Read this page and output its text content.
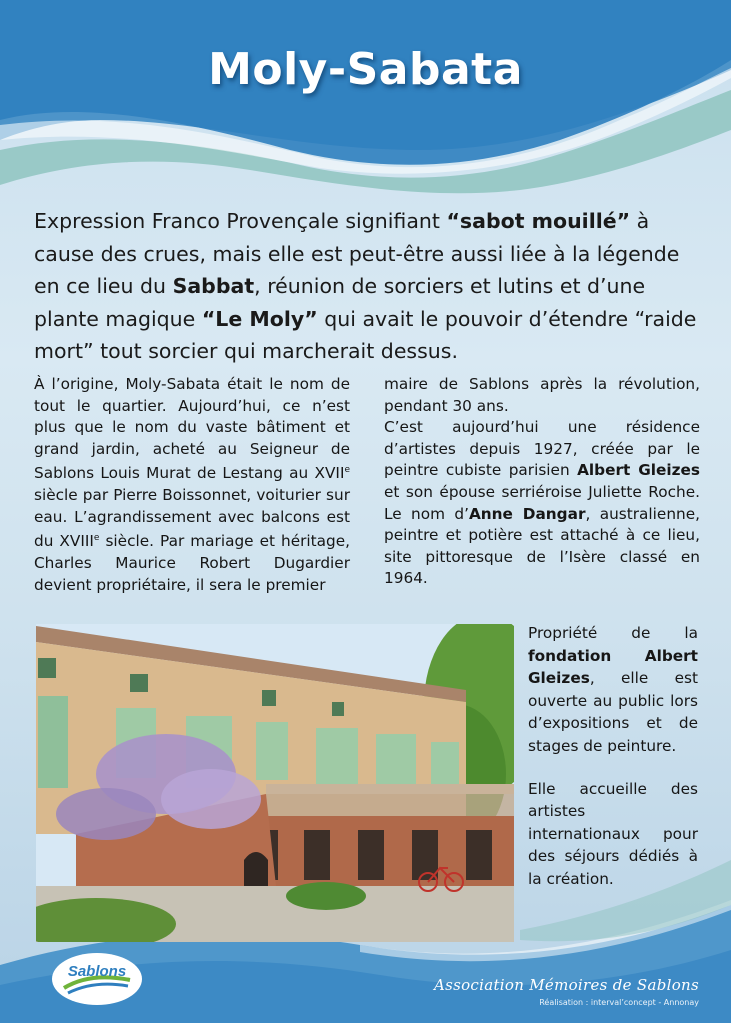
Moly-Sabata
Expression Franco Provençale signifiant “sabot mouillé” à cause des crues, mais elle est peut-être aussi liée à la légende en ce lieu du Sabbat, réunion de sorciers et lutins et d’une plante magique “Le Moly” qui avait le pouvoir d’étendre “raide mort” tout sorcier qui marcherait dessus.

À l’origine, Moly-Sabata était le nom de tout le quartier. Aujourd’hui, ce n’est plus que le nom du vaste bâtiment et grand jardin, acheté au Seigneur de Sablons Louis Murat de Lestang au XVIIe siècle par Pierre Boissonnet, voiturier sur eau. L’agrandissement avec balcons est du XVIIIe siècle. Par mariage et héritage, Charles Maurice Robert Dugardier devient propriétaire, il sera le premier

maire de Sablons après la révolution, pendant 30 ans.

C’est aujourd’hui une résidence d’artistes depuis 1927, créée par le peintre cubiste parisien Albert Gleizes et son épouse serriéroise Juliette Roche. Le nom d’Anne Dangar, australienne, peintre et potière est attaché à ce lieu, site pittoresque de l’Isère classé en 1964.

Propriété de la fondation Albert Gleizes, elle est ouverte au public lors d’expositions et de stages de peinture.

Elle accueille des artistes internationaux pour des séjours dédiés à la création.

Sablons
Association Mémoires de Sablons
Réalisation : interval’concept - Annonay
